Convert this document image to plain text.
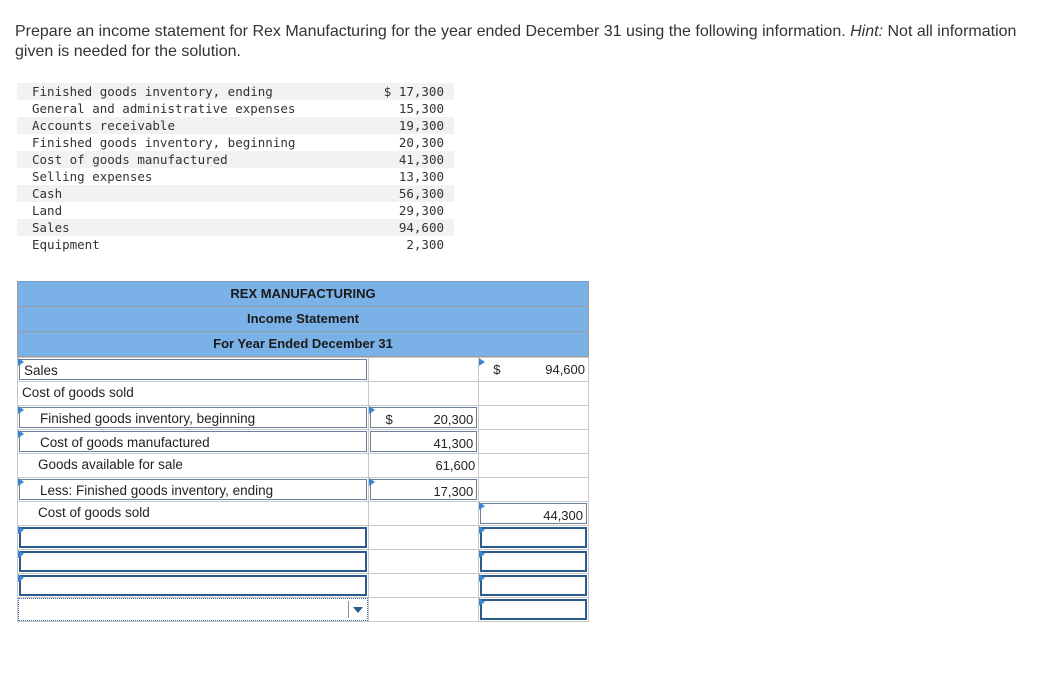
Prepare an income statement for Rex Manufacturing for the year ended December 31 using the following information. Hint: Not all information given is needed for the solution.
Finished goods inventory, ending	$ 17,300
General and administrative expenses	15,300
Accounts receivable	19,300
Finished goods inventory, beginning	20,300
Cost of goods manufactured	41,300
Selling expenses	13,300
Cash	56,300
Land	29,300
Sales	94,600
Equipment	2,300
REX MANUFACTURING
Income Statement
For Year Ended December 31
Sales		$ 94,600

Cost of goods sold		

Finished goods inventory, beginning	$ 20,300	

Cost of goods manufactured	41,300	

Goods available for sale	61,600	

Less: Finished goods inventory, ending	17,300	

Cost of goods sold		44,300
